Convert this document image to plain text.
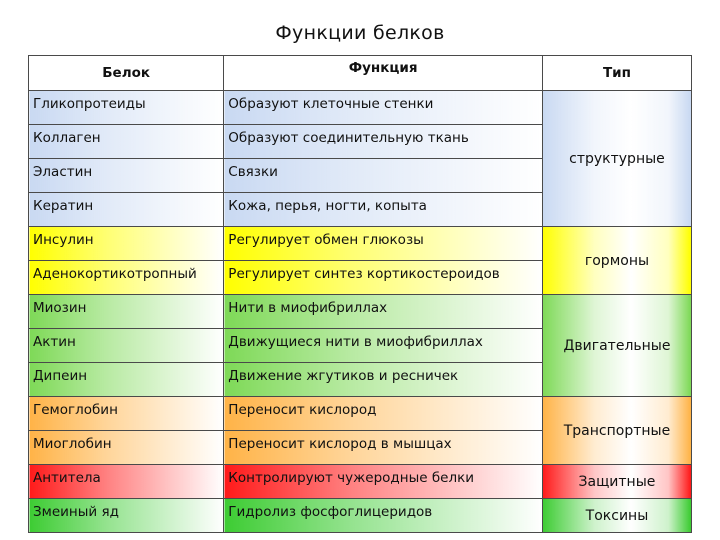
Функции белков
Белок	Функция	Тип
Гликопротеиды	Образуют клеточные стенки	структурные
Коллаген	Образуют соединительную ткань	
Эластин	Связки	
Кератин	Кожа, перья, ногти, копыта	
Инсулин	Регулирует обмен глюкозы	гормоны
Аденокортикотропный	Регулирует синтез кортикостероидов	
Миозин	Нити в миофибриллах	Двигательные
Актин	Движущиеся нити в миофибриллах	
Дипеин	Движение жгутиков и ресничек	
Гемоглобин	Переносит кислород	Транспортные
Миоглобин	Переносит кислород в мышцах	
Антитела	Контролируют чужеродные белки	Защитные
Змеиный яд	Гидролиз фосфоглицеридов	Токсины
